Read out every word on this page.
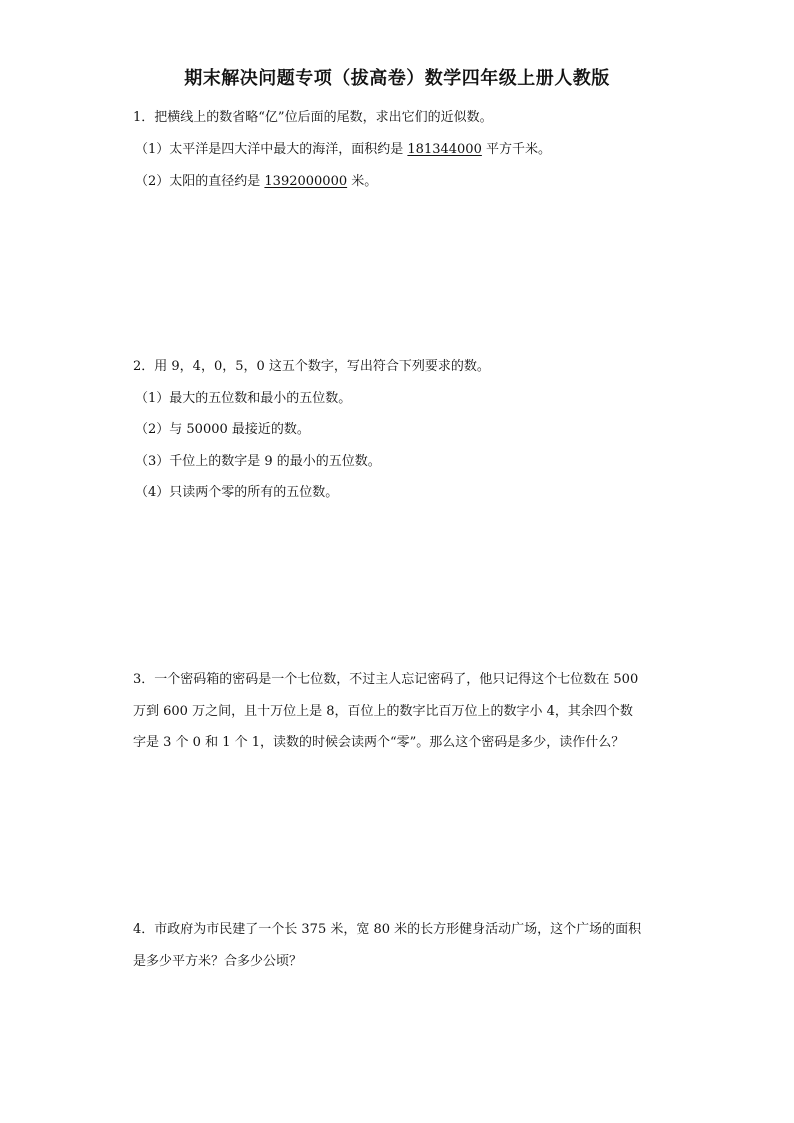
期末解决问题专项（拔高卷）数学四年级上册人教版
1．把横线上的数省略“亿”位后面的尾数，求出它们的近似数。
（1）太平洋是四大洋中最大的海洋，面积约是 181344000 平方千米。
（2）太阳的直径约是 1392000000 米。
2．用 9，4，0，5，0 这五个数字，写出符合下列要求的数。
（1）最大的五位数和最小的五位数。
（2）与 50000 最接近的数。
（3）千位上的数字是 9 的最小的五位数。
（4）只读两个零的所有的五位数。
3．一个密码箱的密码是一个七位数，不过主人忘记密码了，他只记得这个七位数在 500
万到 600 万之间，且十万位上是 8，百位上的数字比百万位上的数字小 4，其余四个数
字是 3 个 0 和 1 个 1，读数的时候会读两个“零”。那么这个密码是多少，读作什么？
4．市政府为市民建了一个长 375 米，宽 80 米的长方形健身活动广场，这个广场的面积
是多少平方米？合多少公顷？
